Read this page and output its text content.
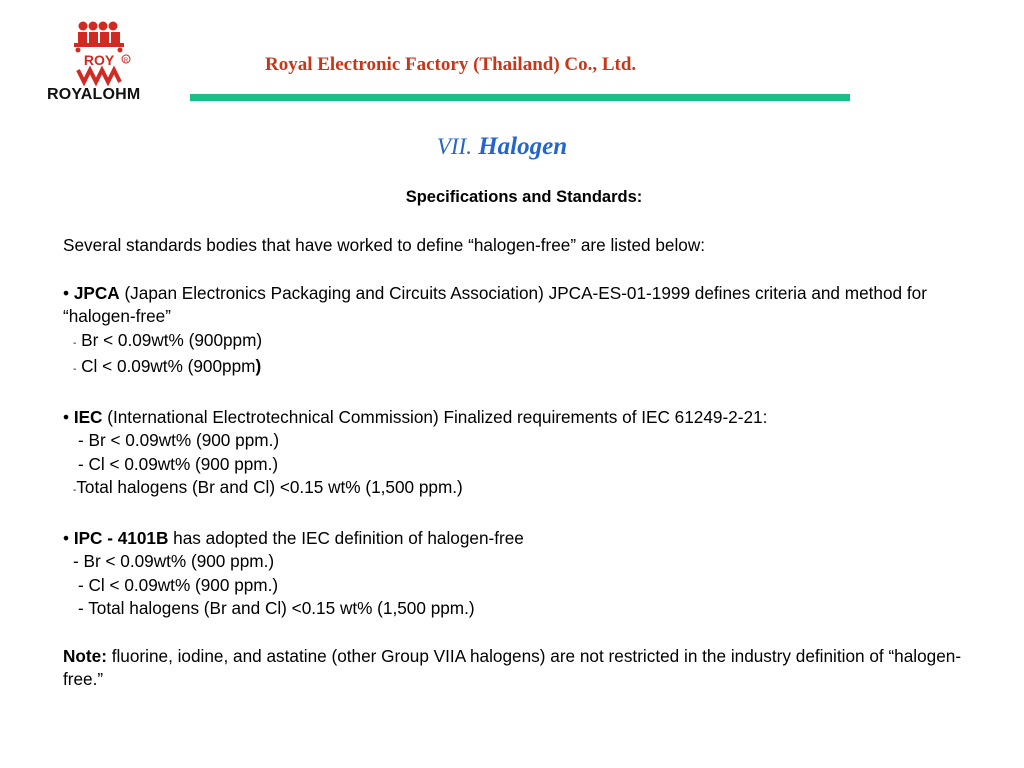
ROY R
ROYALOHM
Royal Electronic Factory (Thailand) Co., Ltd.
VII. Halogen
Specifications and Standards:

Several standards bodies that have worked to define “halogen-free” are listed below:

• JPCA (Japan Electronics Packaging and Circuits Association) JPCA-ES-01-1999 defines criteria and method for “halogen-free”

- Br < 0.09wt% (900ppm)

- Cl < 0.09wt% (900ppm)

• IEC (International Electrotechnical Commission) Finalized requirements of IEC 61249-2-21:

- Br < 0.09wt% (900 ppm.)

- Cl < 0.09wt% (900 ppm.)

-Total halogens (Br and Cl) <0.15 wt% (1,500 ppm.)

• IPC - 4101B has adopted the IEC definition of halogen-free

- Br < 0.09wt% (900 ppm.)

- Cl < 0.09wt% (900 ppm.)

- Total halogens (Br and Cl) <0.15 wt% (1,500 ppm.)

Note: fluorine, iodine, and astatine (other Group VIIA halogens) are not restricted in the industry definition of “halogen-free.”
